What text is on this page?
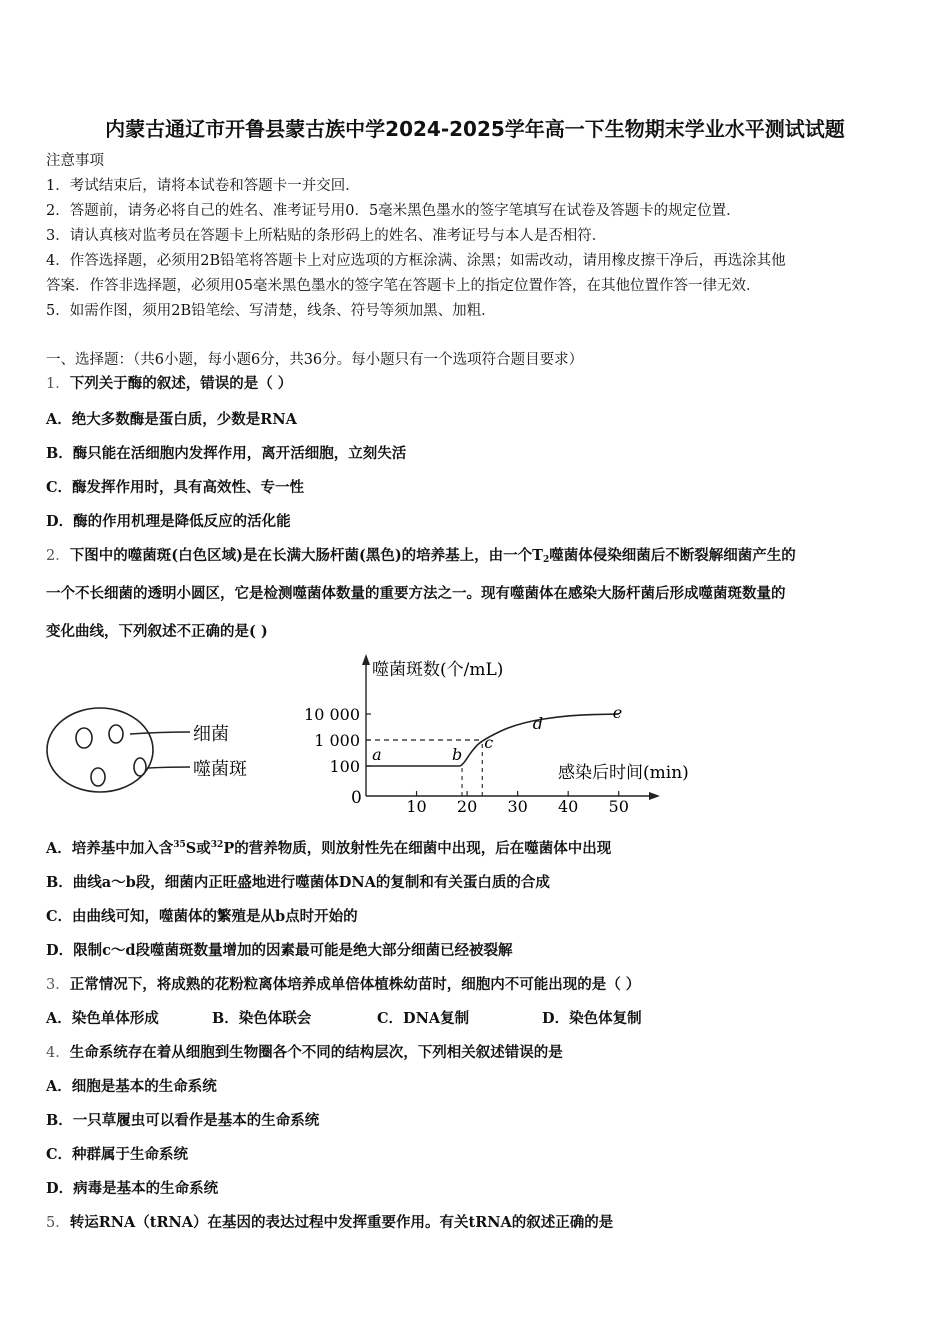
内蒙古通辽市开鲁县蒙古族中学2024-2025学年高一下生物期末学业水平测试试题
注意事项
1．考试结束后，请将本试卷和答题卡一并交回．
2．答题前，请务必将自己的姓名、准考证号用0．5毫米黑色墨水的签字笔填写在试卷及答题卡的规定位置．
3．请认真核对监考员在答题卡上所粘贴的条形码上的姓名、准考证号与本人是否相符．
4．作答选择题，必须用2B铅笔将答题卡上对应选项的方框涂满、涂黑；如需改动，请用橡皮擦干净后，再选涂其他
答案．作答非选择题，必须用05毫米黑色墨水的签字笔在答题卡上的指定位置作答，在其他位置作答一律无效．
5．如需作图，须用2B铅笔绘、写清楚，线条、符号等须加黑、加粗．
一、选择题：（共6小题，每小题6分，共36分。每小题只有一个选项符合题目要求）
1．下列关于酶的叙述，错误的是（ ）
A．绝大多数酶是蛋白质，少数是RNA
B．酶只能在活细胞内发挥作用，离开活细胞，立刻失活
C．酶发挥作用时，具有高效性、专一性
D．酶的作用机理是降低反应的活化能
2．下图中的噬菌斑(白色区域)是在长满大肠杆菌(黑色)的培养基上，由一个$T_2$噬菌体侵染细菌后不断裂解细菌产生的
一个不长细菌的透明小圆区，它是检测噬菌体数量的重要方法之一。现有噬菌体在感染大肠杆菌后形成噬菌斑数量的
变化曲线，下列叙述不正确的是( )
细菌
噬菌斑
噬菌斑数(个/mL)
感染后时间(min)
0	10 20 30 40 50
100
1 000
10 000
a	b
c
d
e
A．培养基中加入含$^{35}$S或$^{32}$P的营养物质，则放射性先在细菌中出现，后在噬菌体中出现
B．曲线a～b段，细菌内正旺盛地进行噬菌体DNA的复制和有关蛋白质的合成
C．由曲线可知，噬菌体的繁殖是从b点时开始的
D．限制c～d段噬菌斑数量增加的因素最可能是绝大部分细菌已经被裂解
3．正常情况下，将成熟的花粉粒离体培养成单倍体植株幼苗时，细胞内不可能出现的是（ ）
A．染色单体形成	B．染色体联会	C．DNA复制	D．染色体复制
4．生命系统存在着从细胞到生物圈各个不同的结构层次，下列相关叙述错误的是
A．细胞是基本的生命系统
B．一只草履虫可以看作是基本的生命系统
C．种群属于生命系统
D．病毒是基本的生命系统
5．转运RNA（tRNA）在基因的表达过程中发挥重要作用。有关tRNA的叙述正确的是
